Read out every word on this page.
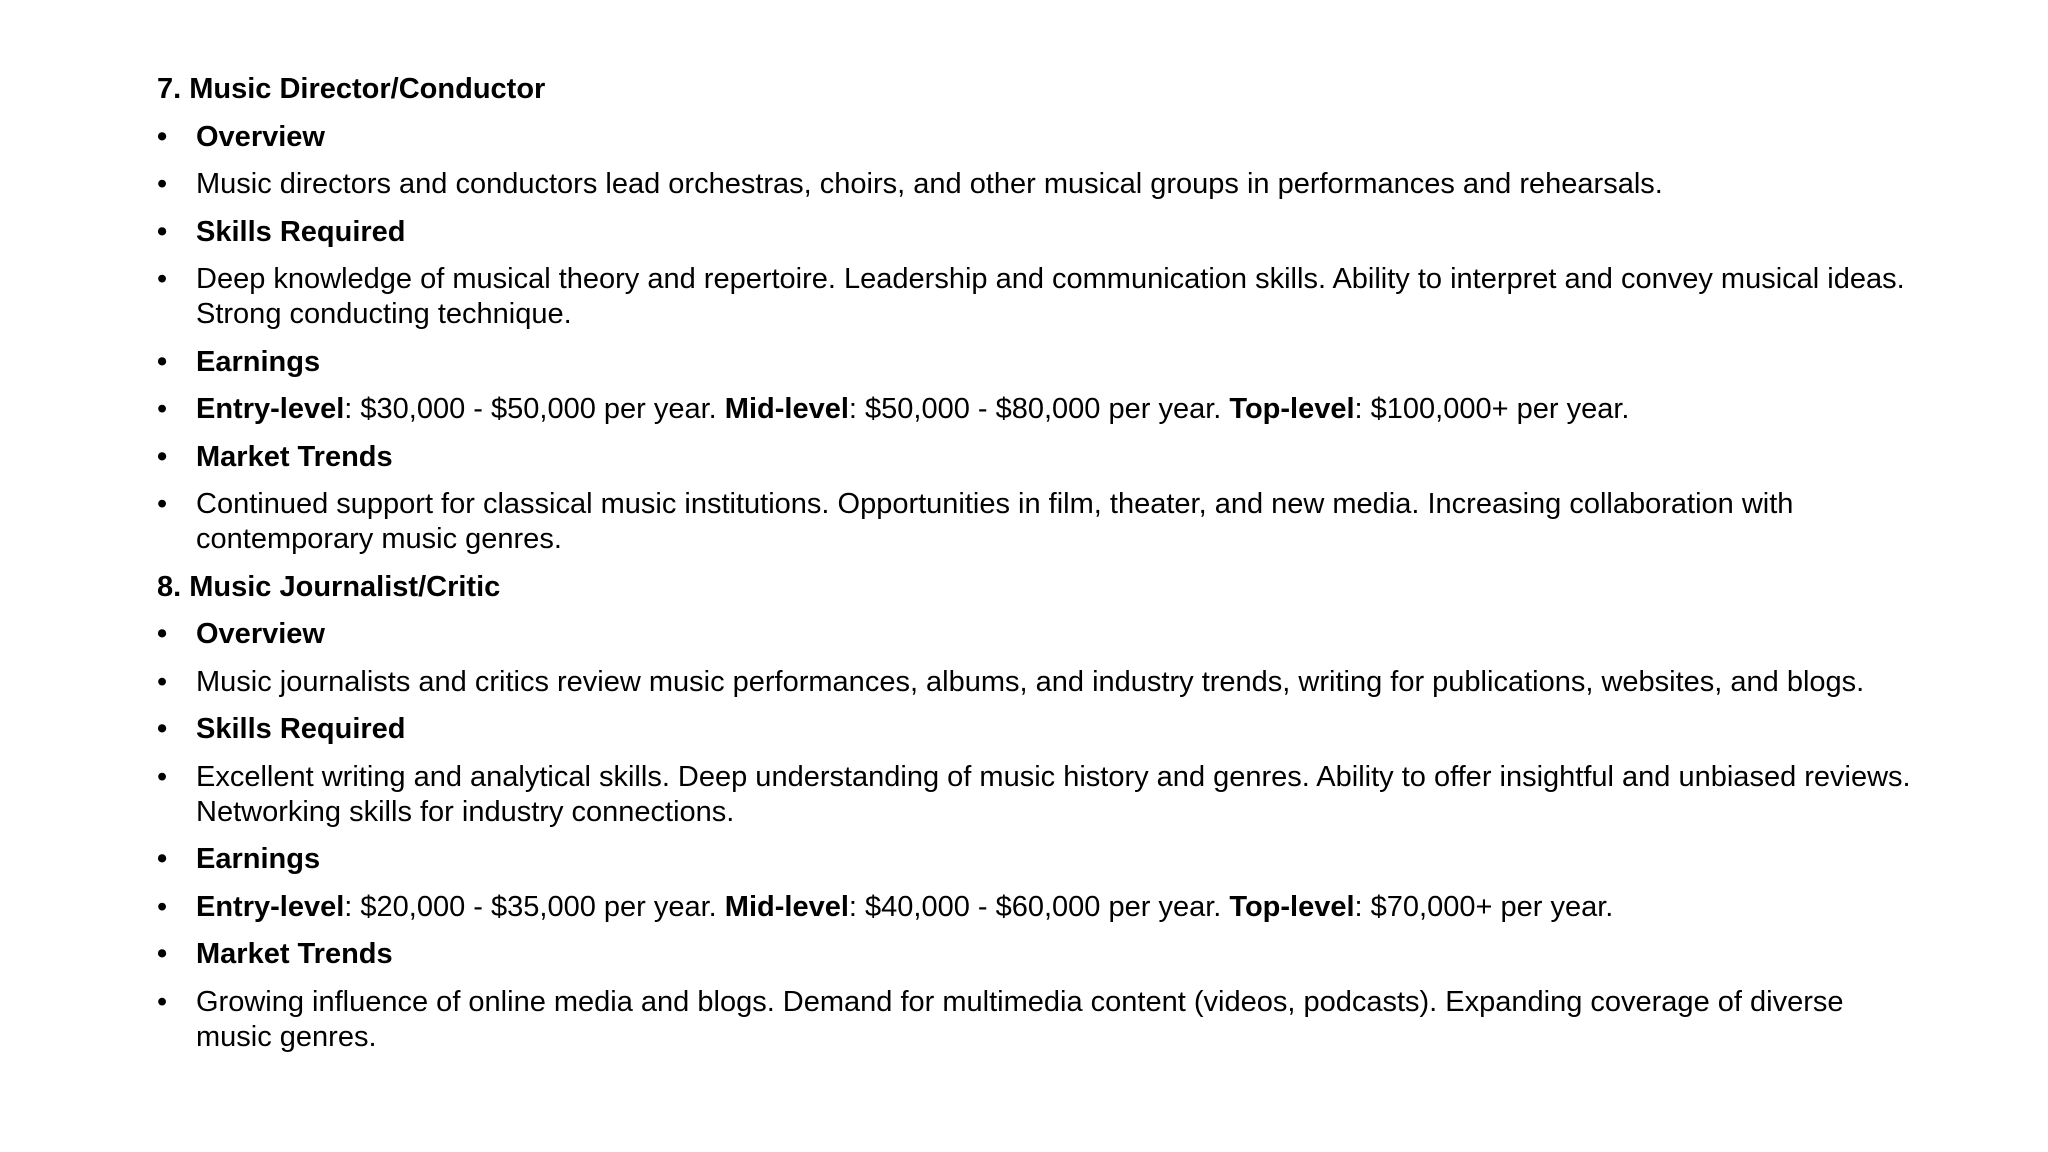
7. Music Director/Conductor
• Overview
• Music directors and conductors lead orchestras, choirs, and other musical groups in performances and rehearsals.
• Skills Required
• Deep knowledge of musical theory and repertoire. Leadership and communication skills. Ability to interpret and convey musical ideas. Strong conducting technique.
• Earnings
• Entry-level: $30,000 - $50,000 per year. Mid-level: $50,000 - $80,000 per year. Top-level: $100,000+ per year.
• Market Trends
• Continued support for classical music institutions. Opportunities in film, theater, and new media. Increasing collaboration with contemporary music genres.
8. Music Journalist/Critic
• Overview
• Music journalists and critics review music performances, albums, and industry trends, writing for publications, websites, and blogs.
• Skills Required
• Excellent writing and analytical skills. Deep understanding of music history and genres. Ability to offer insightful and unbiased reviews. Networking skills for industry connections.
• Earnings
• Entry-level: $20,000 - $35,000 per year. Mid-level: $40,000 - $60,000 per year. Top-level: $70,000+ per year.
• Market Trends
• Growing influence of online media and blogs. Demand for multimedia content (videos, podcasts). Expanding coverage of diverse music genres.
